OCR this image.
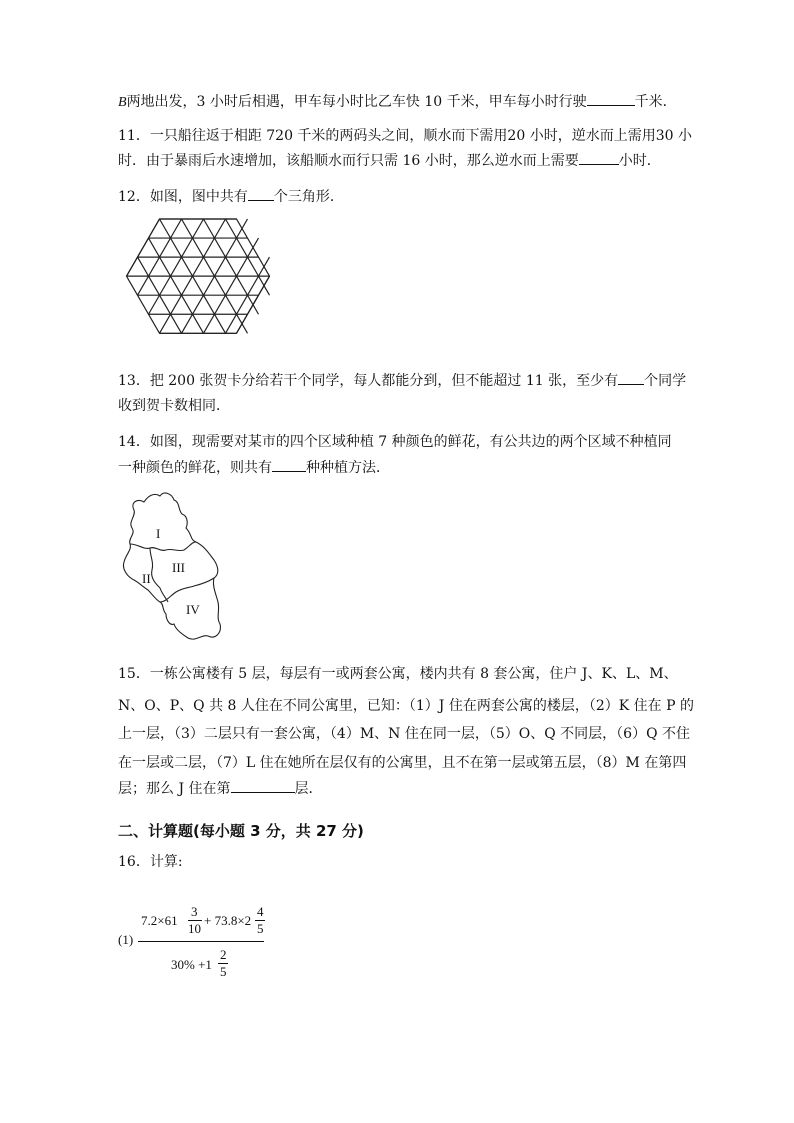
B两地出发，3 小时后相遇，甲车每小时比乙车快 10 千米，甲车每小时行驶	千米．

11．一只船往返于相距 720 千米的两码头之间，顺水而下需用20 小时，逆水而上需用30 小

时．由于暴雨后水速增加，该船顺水而行只需 16 小时，那么逆水而上需要	小时．

12．如图，图中共有 个三角形．

13．把 200 张贺卡分给若干个同学，每人都能分到，但不能超过 11 张，至少有 个同学

收到贺卡数相同．

14．如图，现需要对某市的四个区域种植 7 种颜色的鲜花，有公共边的两个区域不种植同

一种颜色的鲜花，则共有 种种植方法．

I
II
III
IV

15．一栋公寓楼有 5 层，每层有一或两套公寓，楼内共有 8 套公寓，住户 J、K、L、M、

N、O、P、Q 共 8 人住在不同公寓里，已知：（1）J 住在两套公寓的楼层，（2）K 住在 P 的

上一层，（3）二层只有一套公寓，（4）M、N 住在同一层，（5）O、Q 不同层，（6）Q 不住

在一层或二层，（7）L 住在她所在层仅有的公寓里，且不在第一层或第五层，（8）M 在第四

层；那么 J 住在第	层．

二、计算题(每小题 3 分，共 27 分)

16．计算:

(1)
7.2×61
3
10
+ 73.8×2
4
5
30% +1
2
5
